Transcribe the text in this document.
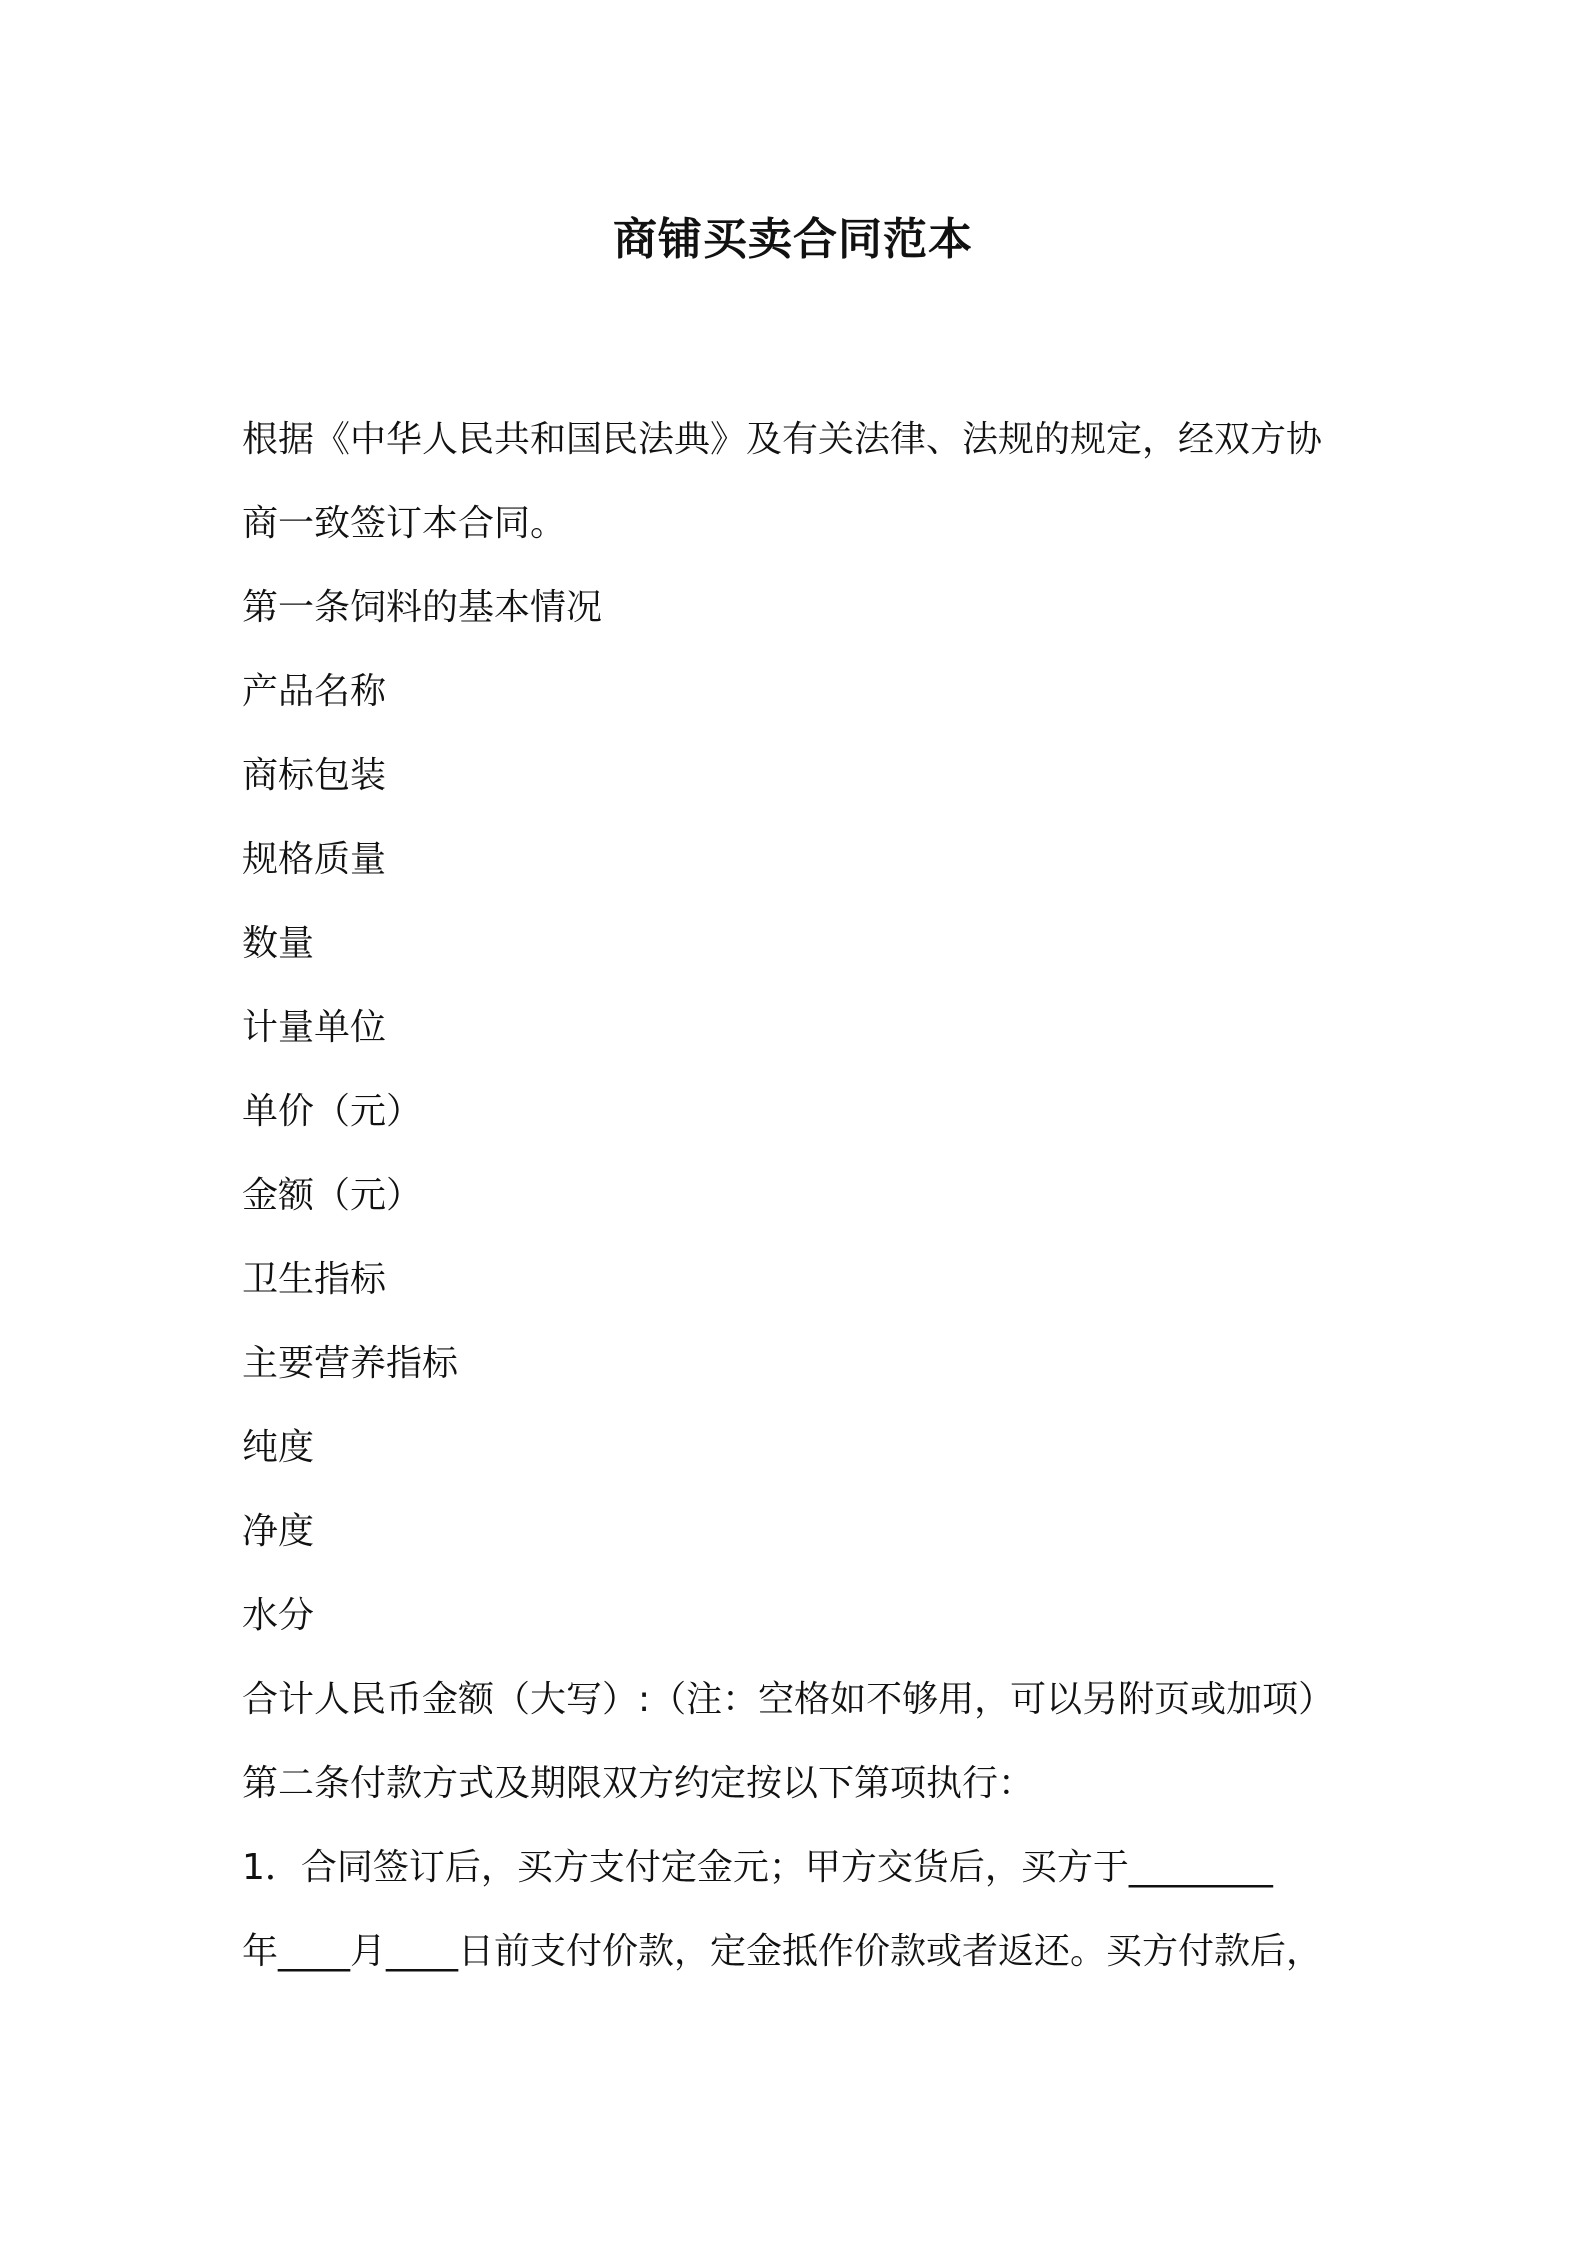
商铺买卖合同范本

根据《中华人民共和国民法典》及有关法律、法规的规定，经双方协

商一致签订本合同。

第一条饲料的基本情况

产品名称

商标包装

规格质量

数量

计量单位

单价（元）

金额（元）

卫生指标

主要营养指标

纯度

净度

水分

合计人民币金额（大写）:（注：空格如不够用，可以另附页或加项）

第二条付款方式及期限双方约定按以下第项执行：

1．合同签订后，买方支付定金元；甲方交货后，买方于________

年____月____日前支付价款，定金抵作价款或者返还。买方付款后，
